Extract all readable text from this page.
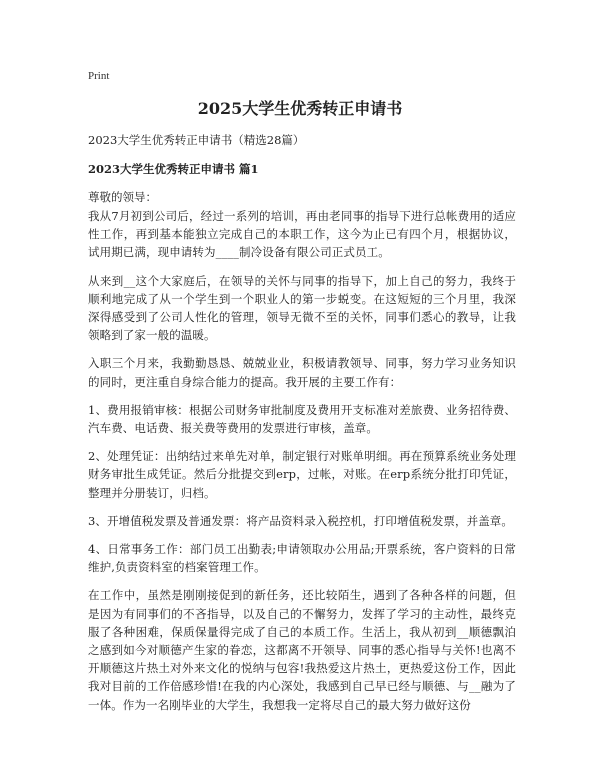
Print
2025大学生优秀转正申请书
2023大学生优秀转正申请书（精选28篇）
2023大学生优秀转正申请书 篇1
尊敬的领导：

我从7月初到公司后，经过一系列的培训，再由老同事的指导下进行总帐费用的适应性工作，再到基本能独立完成自己的本职工作，这今为止已有四个月，根据协议，试用期已满，现申请转为____制冷设备有限公司正式员工。

从来到__这个大家庭后，在领导的关怀与同事的指导下，加上自己的努力，我终于顺利地完成了从一个学生到一个职业人的第一步蜕变。在这短短的三个月里，我深深得感受到了公司人性化的管理，领导无微不至的关怀，同事们悉心的教导，让我领略到了家一般的温暖。

入职三个月来，我勤勤恳恳、兢兢业业，积极请教领导、同事，努力学习业务知识的同时，更注重自身综合能力的提高。我开展的主要工作有：

1、费用报销审核：根据公司财务审批制度及费用开支标准对差旅费、业务招待费、汽车费、电话费、报关费等费用的发票进行审核，盖章。

2、处理凭证：出纳结过来单先对单，制定银行对账单明细。再在预算系统业务处理财务审批生成凭证。然后分批提交到erp，过帐，对账。在erp系统分批打印凭证，整理并分册装订，归档。

3、开增值税发票及普通发票：将产品资料录入税控机，打印增值税发票，并盖章。

4、日常事务工作：部门员工出勤表;申请领取办公用品;开票系统，客户资料的日常维护,负责资料室的档案管理工作。

在工作中，虽然是刚刚接促到的新任务，还比较陌生，遇到了各种各样的问题，但是因为有同事们的不吝指导，以及自己的不懈努力，发挥了学习的主动性，最终克服了各种困难，保质保量得完成了自己的本质工作。生活上，我从初到__顺德飘泊之感到如今对顺德产生家的眷恋，这都离不开领导、同事的悉心指导与关怀!也离不开顺德这片热土对外来文化的悦纳与包容!我热爱这片热土，更热爱这份工作，因此我对目前的工作倍感珍惜!在我的内心深处，我感到自己早已经与顺德、与__融为了一体。作为一名刚毕业的大学生，我想我一定将尽自己的最大努力做好这份
